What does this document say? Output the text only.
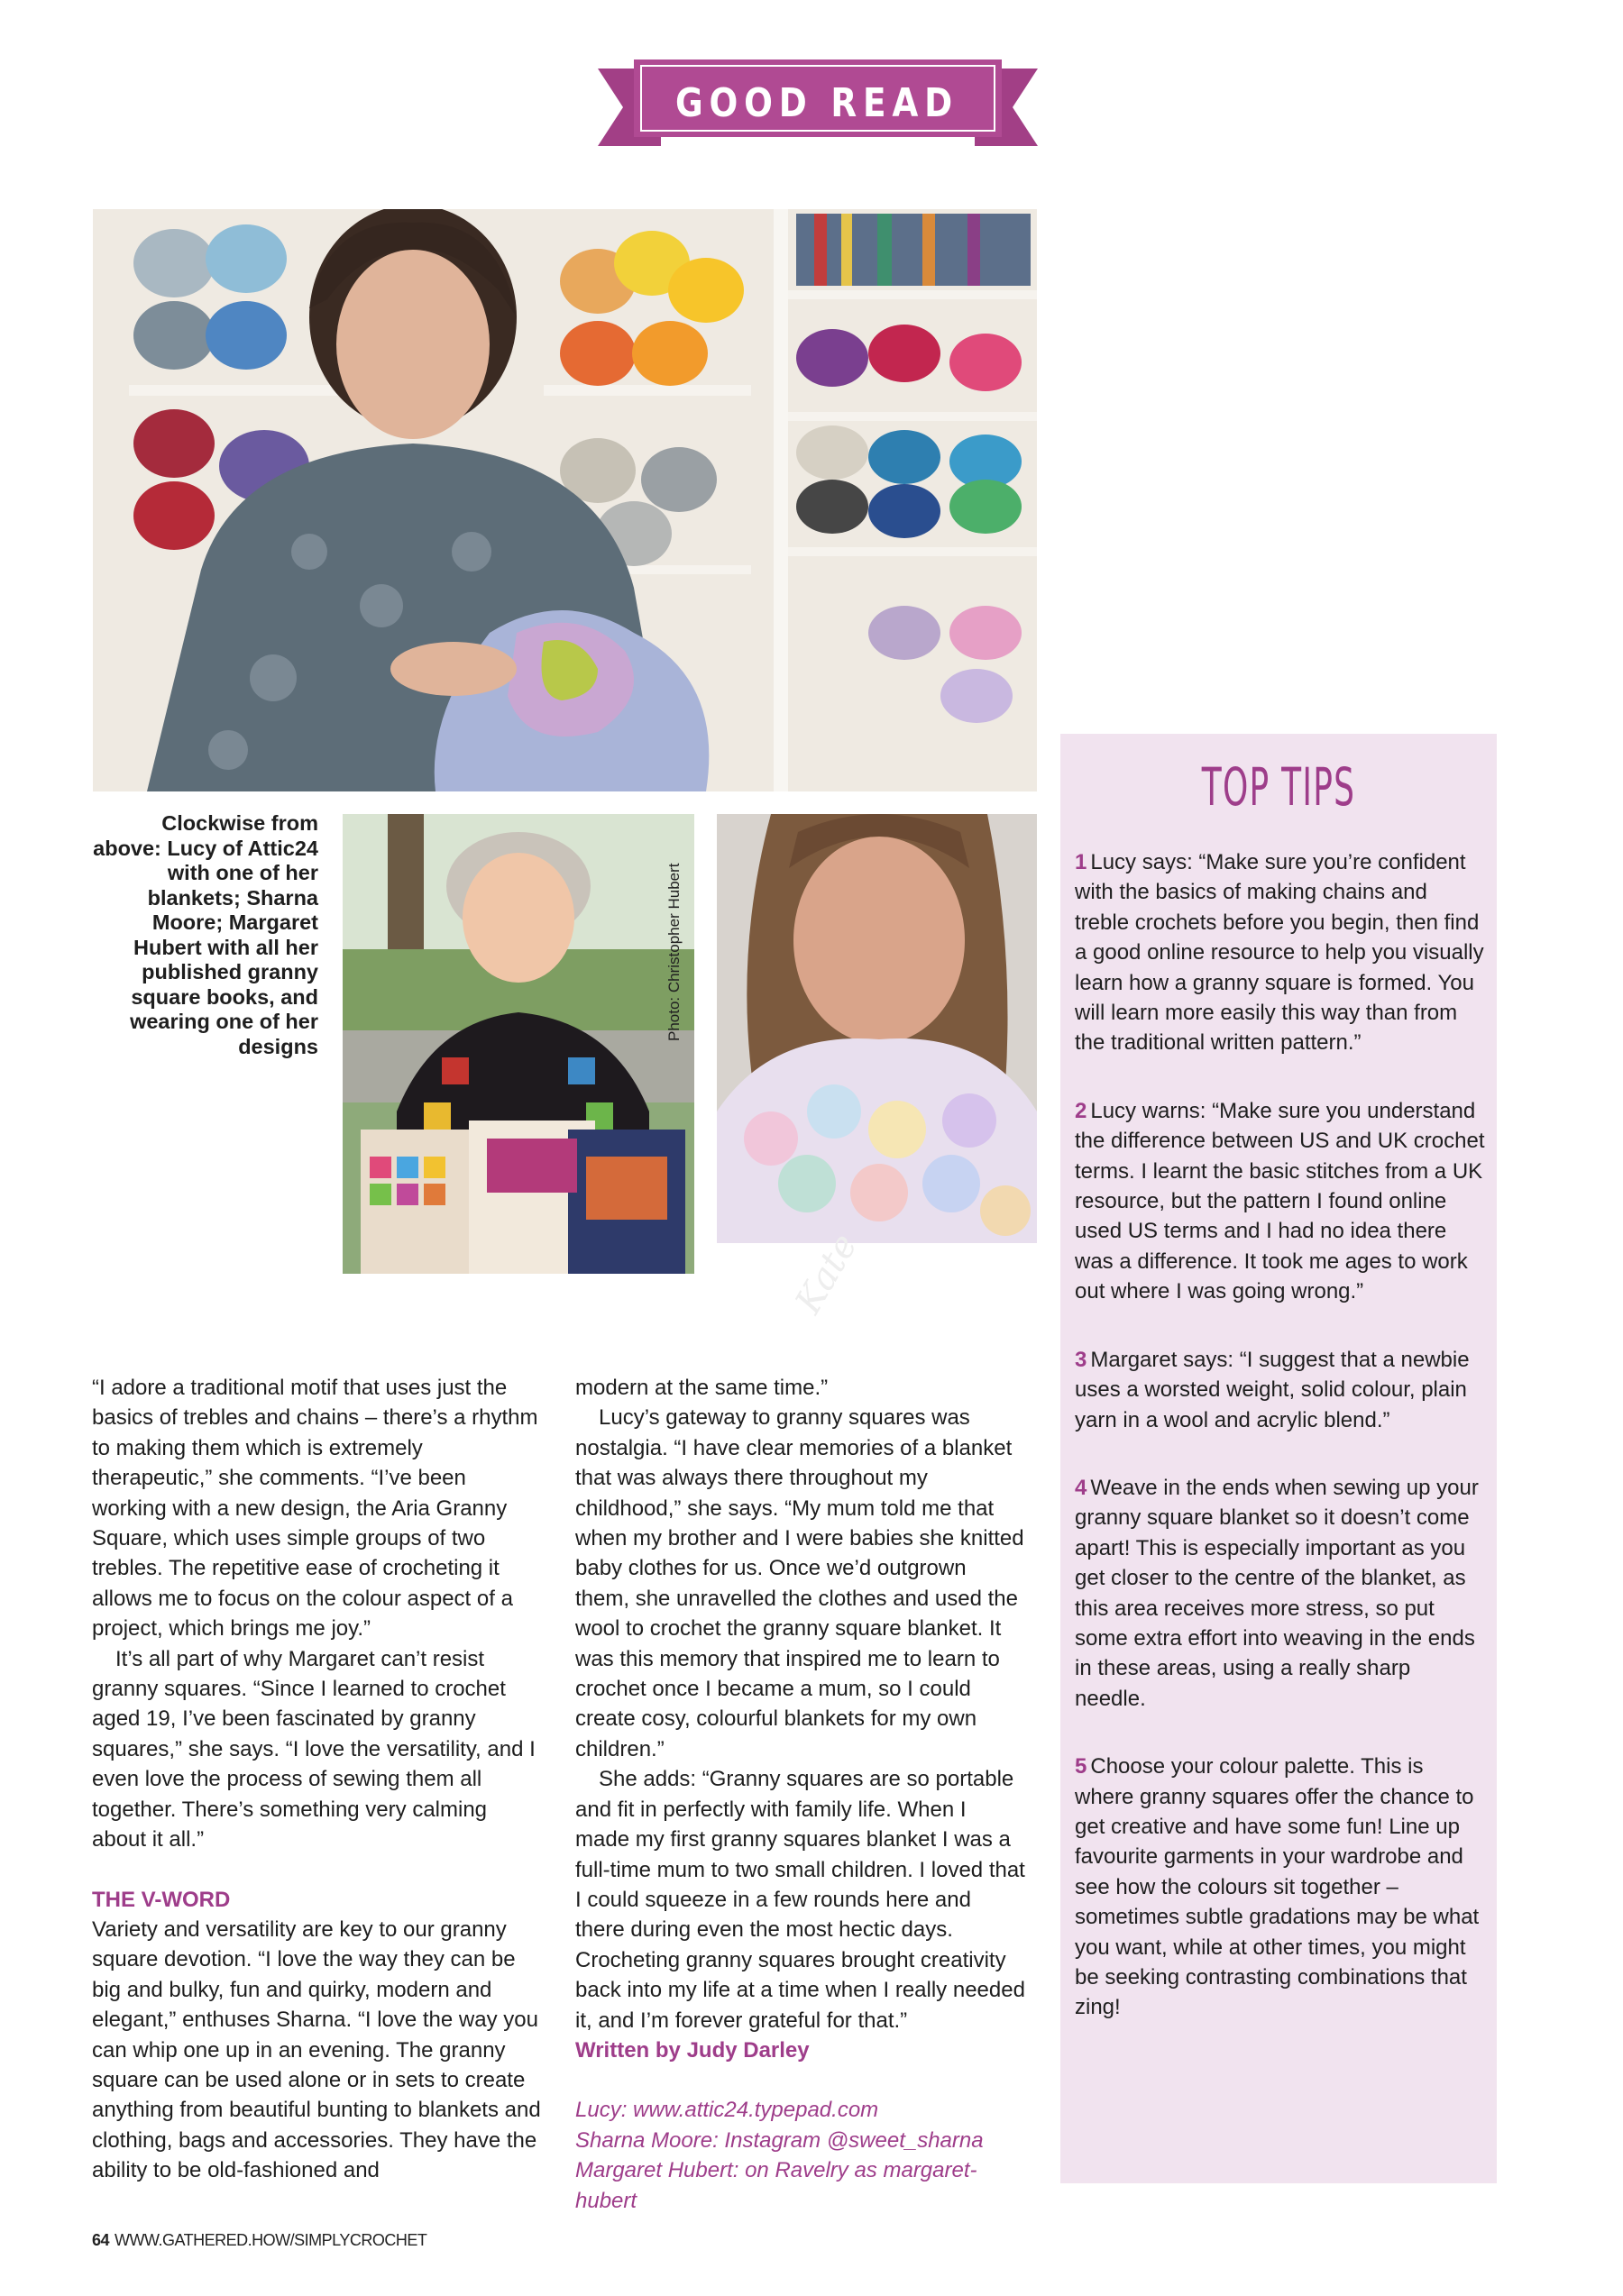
GOOD READ
Clockwise from above: Lucy of Attic24 with one of her blankets; Sharna Moore; Margaret Hubert with all her published granny square books, and wearing one of her designs
Photo: Christopher Hubert
Kate

“I adore a traditional motif that uses just the basics of trebles and chains – there’s a rhythm to making them which is extremely therapeutic,” she comments. “I’ve been working with a new design, the Aria Granny Square, which uses simple groups of two trebles. The repetitive ease of crocheting it allows me to focus on the colour aspect of a project, which brings me joy.”

It’s all part of why Margaret can’t resist granny squares. “Since I learned to crochet aged 19, I’ve been fascinated by granny squares,” she says. “I love the versatility, and I even love the process of sewing them all together. There’s something very calming about it all.”

THE V-WORD

Variety and versatility are key to our granny square devotion. “I love the way they can be big and bulky, fun and quirky, modern and elegant,” enthuses Sharna. “I love the way you can whip one up in an evening. The granny square can be used alone or in sets to create anything from beautiful bunting to blankets and clothing, bags and accessories. They have the ability to be old-fashioned and

modern at the same time.”

Lucy’s gateway to granny squares was nostalgia. “I have clear memories of a blanket that was always there throughout my childhood,” she says. “My mum told me that when my brother and I were babies she knitted baby clothes for us. Once we’d outgrown them, she unravelled the clothes and used the wool to crochet the granny square blanket. It was this memory that inspired me to learn to crochet once I became a mum, so I could create cosy, colourful blankets for my own children.”

She adds: “Granny squares are so portable and fit in perfectly with family life. When I made my first granny squares blanket I was a full-time mum to two small children. I loved that I could squeeze in a few rounds here and there during even the most hectic days. Crocheting granny squares brought creativity back into my life at a time when I really needed it, and I’m forever grateful for that.”

Written by Judy Darley

Lucy: www.attic24.typepad.com
Sharna Moore: Instagram @sweet_sharna
Margaret Hubert: on Ravelry as margaret-hubert

TOP TIPS

1 Lucy says: “Make sure you’re confident with the basics of making chains and treble crochets before you begin, then find a good online resource to help you visually learn how a granny square is formed. You will learn more easily this way than from the traditional written pattern.”

2 Lucy warns: “Make sure you understand the difference between US and UK crochet terms. I learnt the basic stitches from a UK resource, but the pattern I found online used US terms and I had no idea there was a difference. It took me ages to work out where I was going wrong.”

3 Margaret says: “I suggest that a newbie uses a worsted weight, solid colour, plain yarn in a wool and acrylic blend.”

4 Weave in the ends when sewing up your granny square blanket so it doesn’t come apart! This is especially important as you get closer to the centre of the blanket, as this area receives more stress, so put some extra effort into weaving in the ends in these areas, using a really sharp needle.

5 Choose your colour palette. This is where granny squares offer the chance to get creative and have some fun! Line up favourite garments in your wardrobe and see how the colours sit together – sometimes subtle gradations may be what you want, while at other times, you might be seeking contrasting combinations that zing!

64 WWW.GATHERED.HOW/SIMPLYCROCHET
